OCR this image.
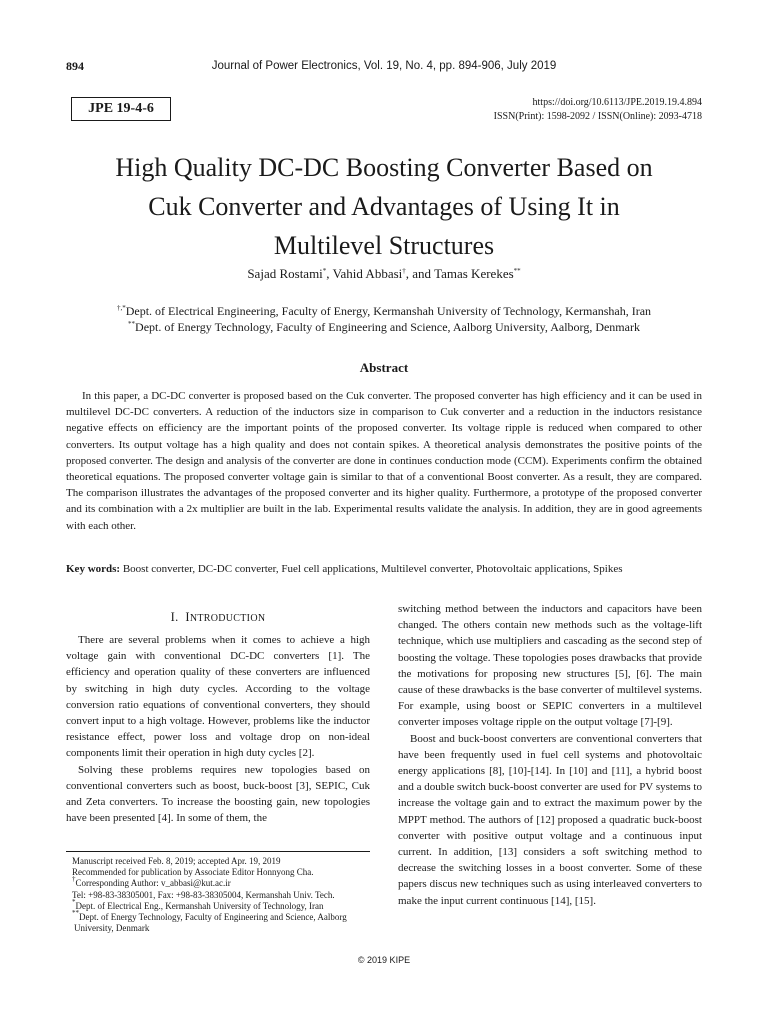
894	Journal of Power Electronics, Vol. 19, No. 4, pp. 894-906, July 2019
JPE 19-4-6	https://doi.org/10.6113/JPE.2019.19.4.894
ISSN(Print): 1598-2092 / ISSN(Online): 2093-4718
High Quality DC-DC Boosting Converter Based on
Cuk Converter and Advantages of Using It in
Multilevel Structures
Sajad Rostami*, Vahid Abbasi†, and Tamas Kerekes**
†,*Dept. of Electrical Engineering, Faculty of Energy, Kermanshah University of Technology, Kermanshah, Iran
**Dept. of Energy Technology, Faculty of Engineering and Science, Aalborg University, Aalborg, Denmark
Abstract

In this paper, a DC-DC converter is proposed based on the Cuk converter. The proposed converter has high efficiency and it can be used in multilevel DC-DC converters. A reduction of the inductors size in comparison to Cuk converter and a reduction in the inductors resistance negative effects on efficiency are the important points of the proposed converter. Its voltage ripple is reduced when compared to other converters. Its output voltage has a high quality and does not contain spikes. A theoretical analysis demonstrates the positive points of the proposed converter. The design and analysis of the converter are done in continues conduction mode (CCM). Experiments confirm the obtained theoretical equations. The proposed converter voltage gain is similar to that of a conventional Boost converter. As a result, they are compared. The comparison illustrates the advantages of the proposed converter and its higher quality. Furthermore, a prototype of the proposed converter and its combination with a 2x multiplier are built in the lab. Experimental results validate the analysis. In addition, they are in good agreements with each other.

Key words: Boost converter, DC-DC converter, Fuel cell applications, Multilevel converter, Photovoltaic applications, Spikes
I. INTRODUCTION

There are several problems when it comes to achieve a high voltage gain with conventional DC-DC converters [1]. The efficiency and operation quality of these converters are influenced by switching in high duty cycles. According to the voltage conversion ratio equations of conventional converters, they should convert input to a high voltage. However, problems like the inductor resistance effect, power loss and voltage drop on non-ideal components limit their operation in high duty cycles [2].

Solving these problems requires new topologies based on conventional converters such as boost, buck-boost [3], SEPIC, Cuk and Zeta converters. To increase the boosting gain, new topologies have been presented [4]. In some of them, the

switching method between the inductors and capacitors have been changed. The others contain new methods such as the voltage-lift technique, which use multipliers and cascading as the second step of boosting the voltage. These topologies poses drawbacks that provide the motivations for proposing new structures [5], [6]. The main cause of these drawbacks is the base converter of multilevel systems. For example, using boost or SEPIC converters in a multilevel converter imposes voltage ripple on the output voltage [7]-[9].

Boost and buck-boost converters are conventional converters that have been frequently used in fuel cell systems and photovoltaic energy applications [8], [10]-[14]. In [10] and [11], a hybrid boost and a double switch buck-boost converter are used for PV systems to increase the voltage gain and to extract the maximum power by the MPPT method. The authors of [12] proposed a quadratic buck-boost converter with positive output voltage and a continuous input current. In addition, [13] considers a soft switching method to decrease the switching losses in a boost converter. Some of these papers discus new techniques such as using interleaved converters to make the input current continuous [14], [15].

Manuscript received Feb. 8, 2019; accepted Apr. 19, 2019
Recommended for publication by Associate Editor Honnyong Cha.
†Corresponding Author: v_abbasi@kut.ac.ir
Tel: +98-83-38305001, Fax: +98-83-38305004, Kermanshah Univ. Tech.
*Dept. of Electrical Eng., Kermanshah University of Technology, Iran
**Dept. of Energy Technology, Faculty of Engineering and Science, Aalborg University, Denmark
© 2019 KIPE
